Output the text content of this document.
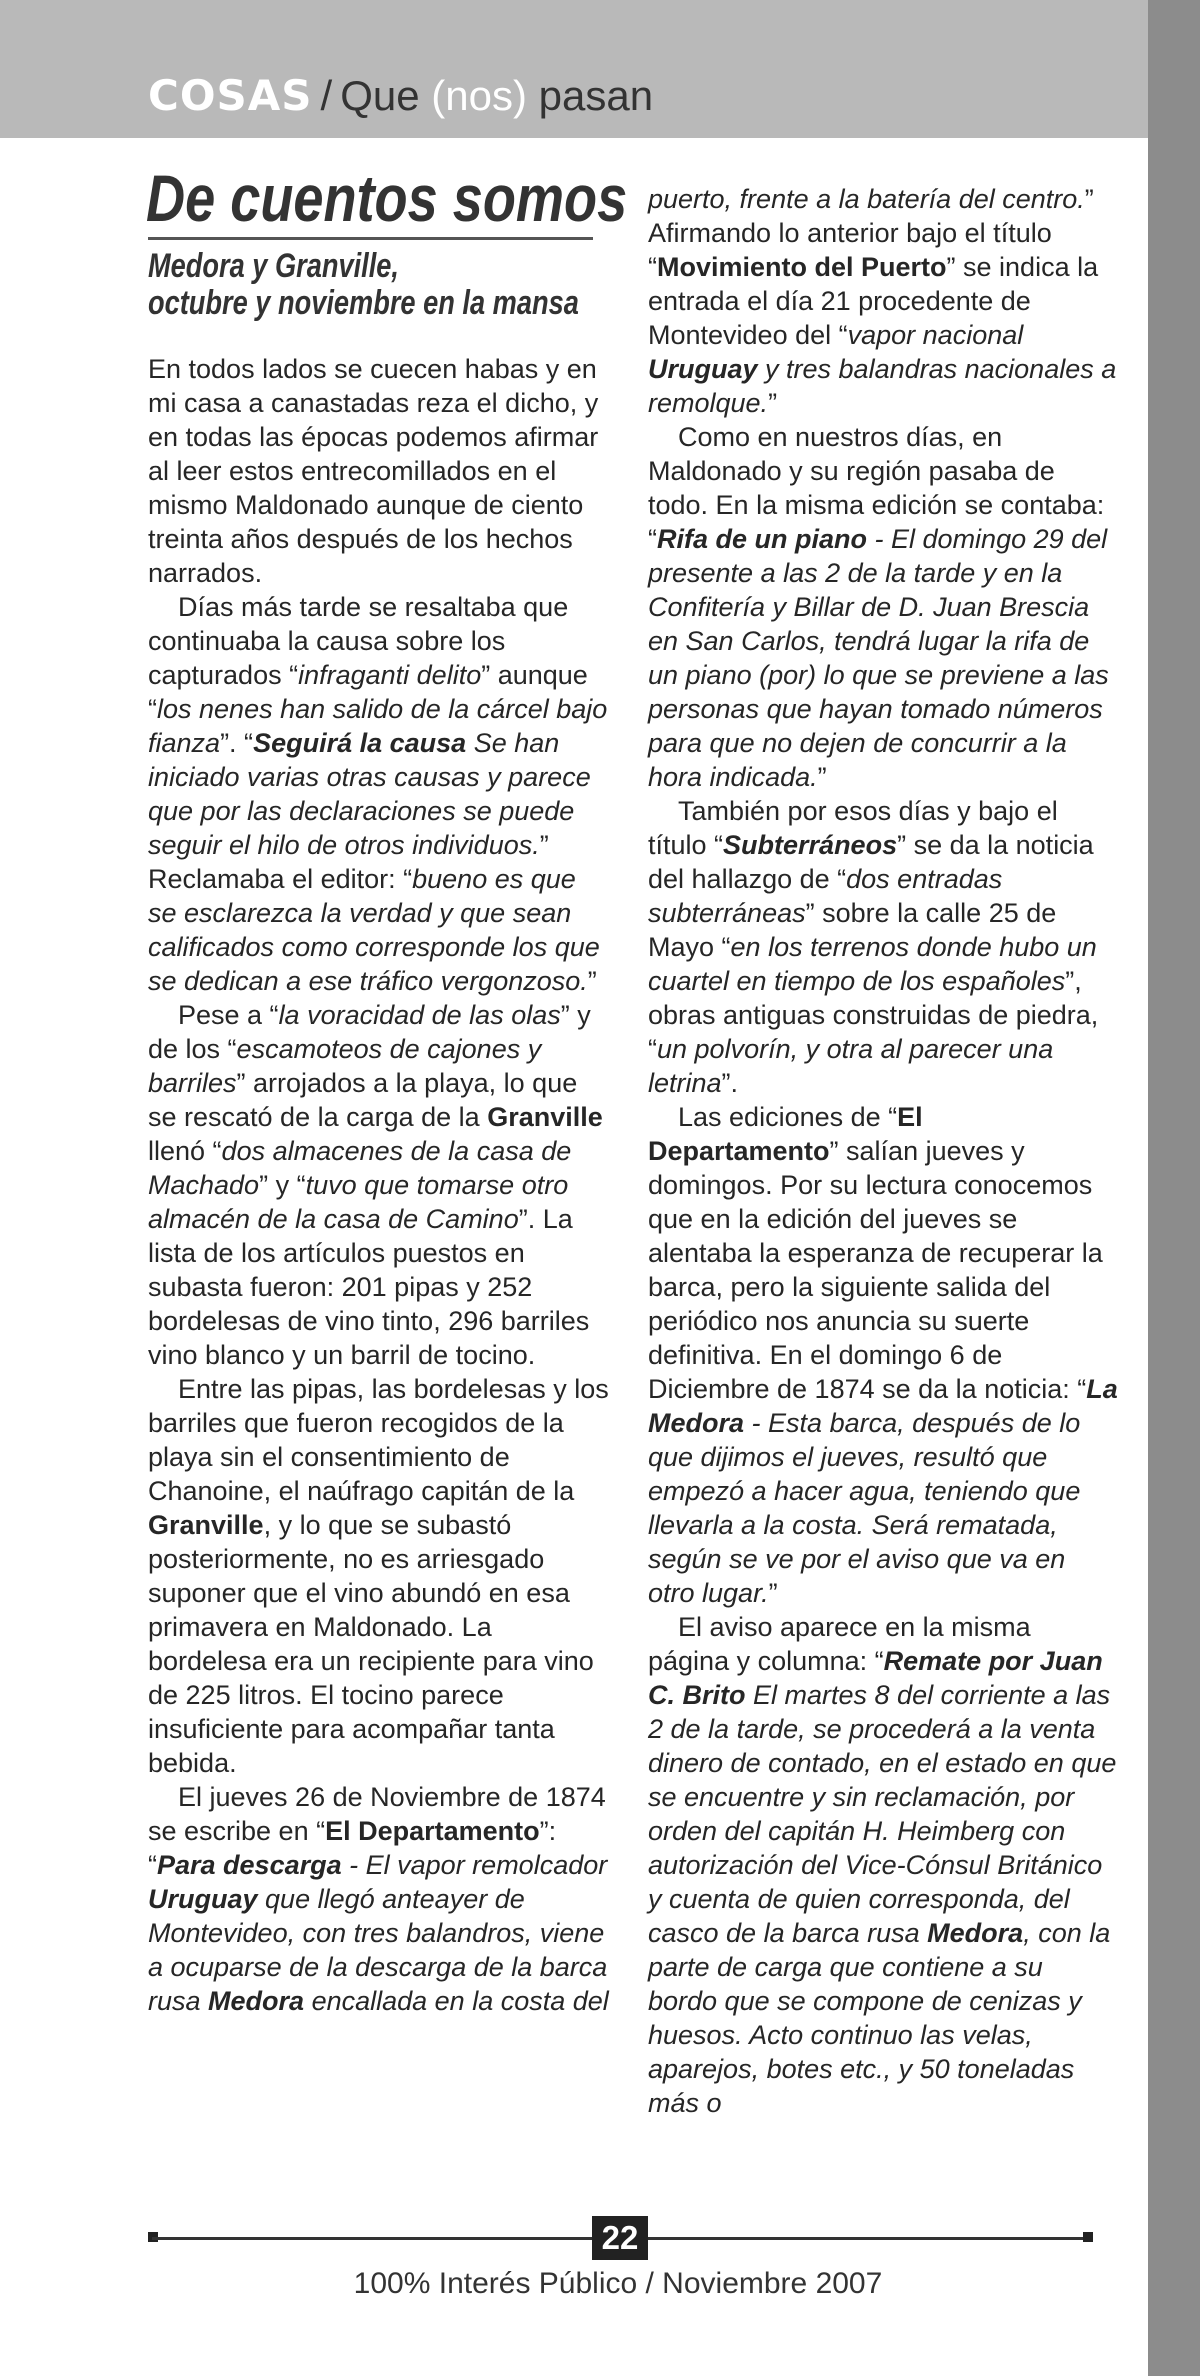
COSAS / Que (nos) pasan
De cuentos somos
Medora y Granville,
octubre y noviembre en la mansa

En todos lados se cuecen habas y en mi casa a canastadas reza el dicho, y en todas las épocas podemos afirmar al leer estos entrecomillados en el mismo Maldonado aunque de ciento treinta años después de los hechos narrados.

Días más tarde se resaltaba que continuaba la causa sobre los capturados “infraganti delito” aunque “los nenes han salido de la cárcel bajo fianza”. “Seguirá la causa Se han iniciado varias otras causas y parece que por las declaraciones se puede seguir el hilo de otros individuos.” Reclamaba el editor: “bueno es que se esclarezca la verdad y que sean calificados como corresponde los que se dedican a ese tráfico vergonzoso.”

Pese a “la voracidad de las olas” y de los “escamoteos de cajones y barriles” arrojados a la playa, lo que se rescató de la carga de la Granville llenó “dos almacenes de la casa de Machado” y “tuvo que tomarse otro almacén de la casa de Camino”. La lista de los artículos puestos en subasta fueron: 201 pipas y 252 bordelesas de vino tinto, 296 barriles vino blanco y un barril de tocino.

Entre las pipas, las bordelesas y los barriles que fueron recogidos de la playa sin el consentimiento de Chanoine, el naúfrago capitán de la Granville, y lo que se subastó posteriormente, no es arriesgado suponer que el vino abundó en esa primavera en Maldonado. La bordelesa era un recipiente para vino de 225 litros. El tocino parece insuficiente para acompañar tanta bebida.

El jueves 26 de Noviembre de 1874 se escribe en “El Departamento”: “Para descarga - El vapor remolcador Uruguay que llegó anteayer de Montevideo, con tres balandros, viene a ocuparse de la descarga de la barca rusa Medora encallada en la costa del

puerto, frente a la batería del centro.” Afirmando lo anterior bajo el título “Movimiento del Puerto” se indica la entrada el día 21 procedente de Montevideo del “vapor nacional Uruguay y tres balandras nacionales a remolque.”

Como en nuestros días, en Maldonado y su región pasaba de todo. En la misma edición se contaba: “Rifa de un piano - El domingo 29 del presente a las 2 de la tarde y en la Confitería y Billar de D. Juan Brescia en San Carlos, tendrá lugar la rifa de un piano (por) lo que se previene a las personas que hayan tomado números para que no dejen de concurrir a la hora indicada.”

También por esos días y bajo el título “Subterráneos” se da la noticia del hallazgo de “dos entradas subterráneas” sobre la calle 25 de Mayo “en los terrenos donde hubo un cuartel en tiempo de los españoles”, obras antiguas construidas de piedra, “un polvorín, y otra al parecer una letrina”.

Las ediciones de “El Departamento” salían jueves y domingos. Por su lectura conocemos que en la edición del jueves se alentaba la esperanza de recuperar la barca, pero la siguiente salida del periódico nos anuncia su suerte definitiva. En el domingo 6 de Diciembre de 1874 se da la noticia: “La Medora - Esta barca, después de lo que dijimos el jueves, resultó que empezó a hacer agua, teniendo que llevarla a la costa. Será rematada, según se ve por el aviso que va en otro lugar.”

El aviso aparece en la misma página y columna: “Remate por Juan C. Brito El martes 8 del corriente a las 2 de la tarde, se procederá a la venta dinero de contado, en el estado en que se encuentre y sin reclamación, por orden del capitán H. Heimberg con autorización del Vice-Cónsul Británico y cuenta de quien corresponda, del casco de la barca rusa Medora, con la parte de carga que contiene a su bordo que se compone de cenizas y huesos. Acto continuo las velas, aparejos, botes etc., y 50 toneladas más o

22
100% Interés Público / Noviembre 2007
